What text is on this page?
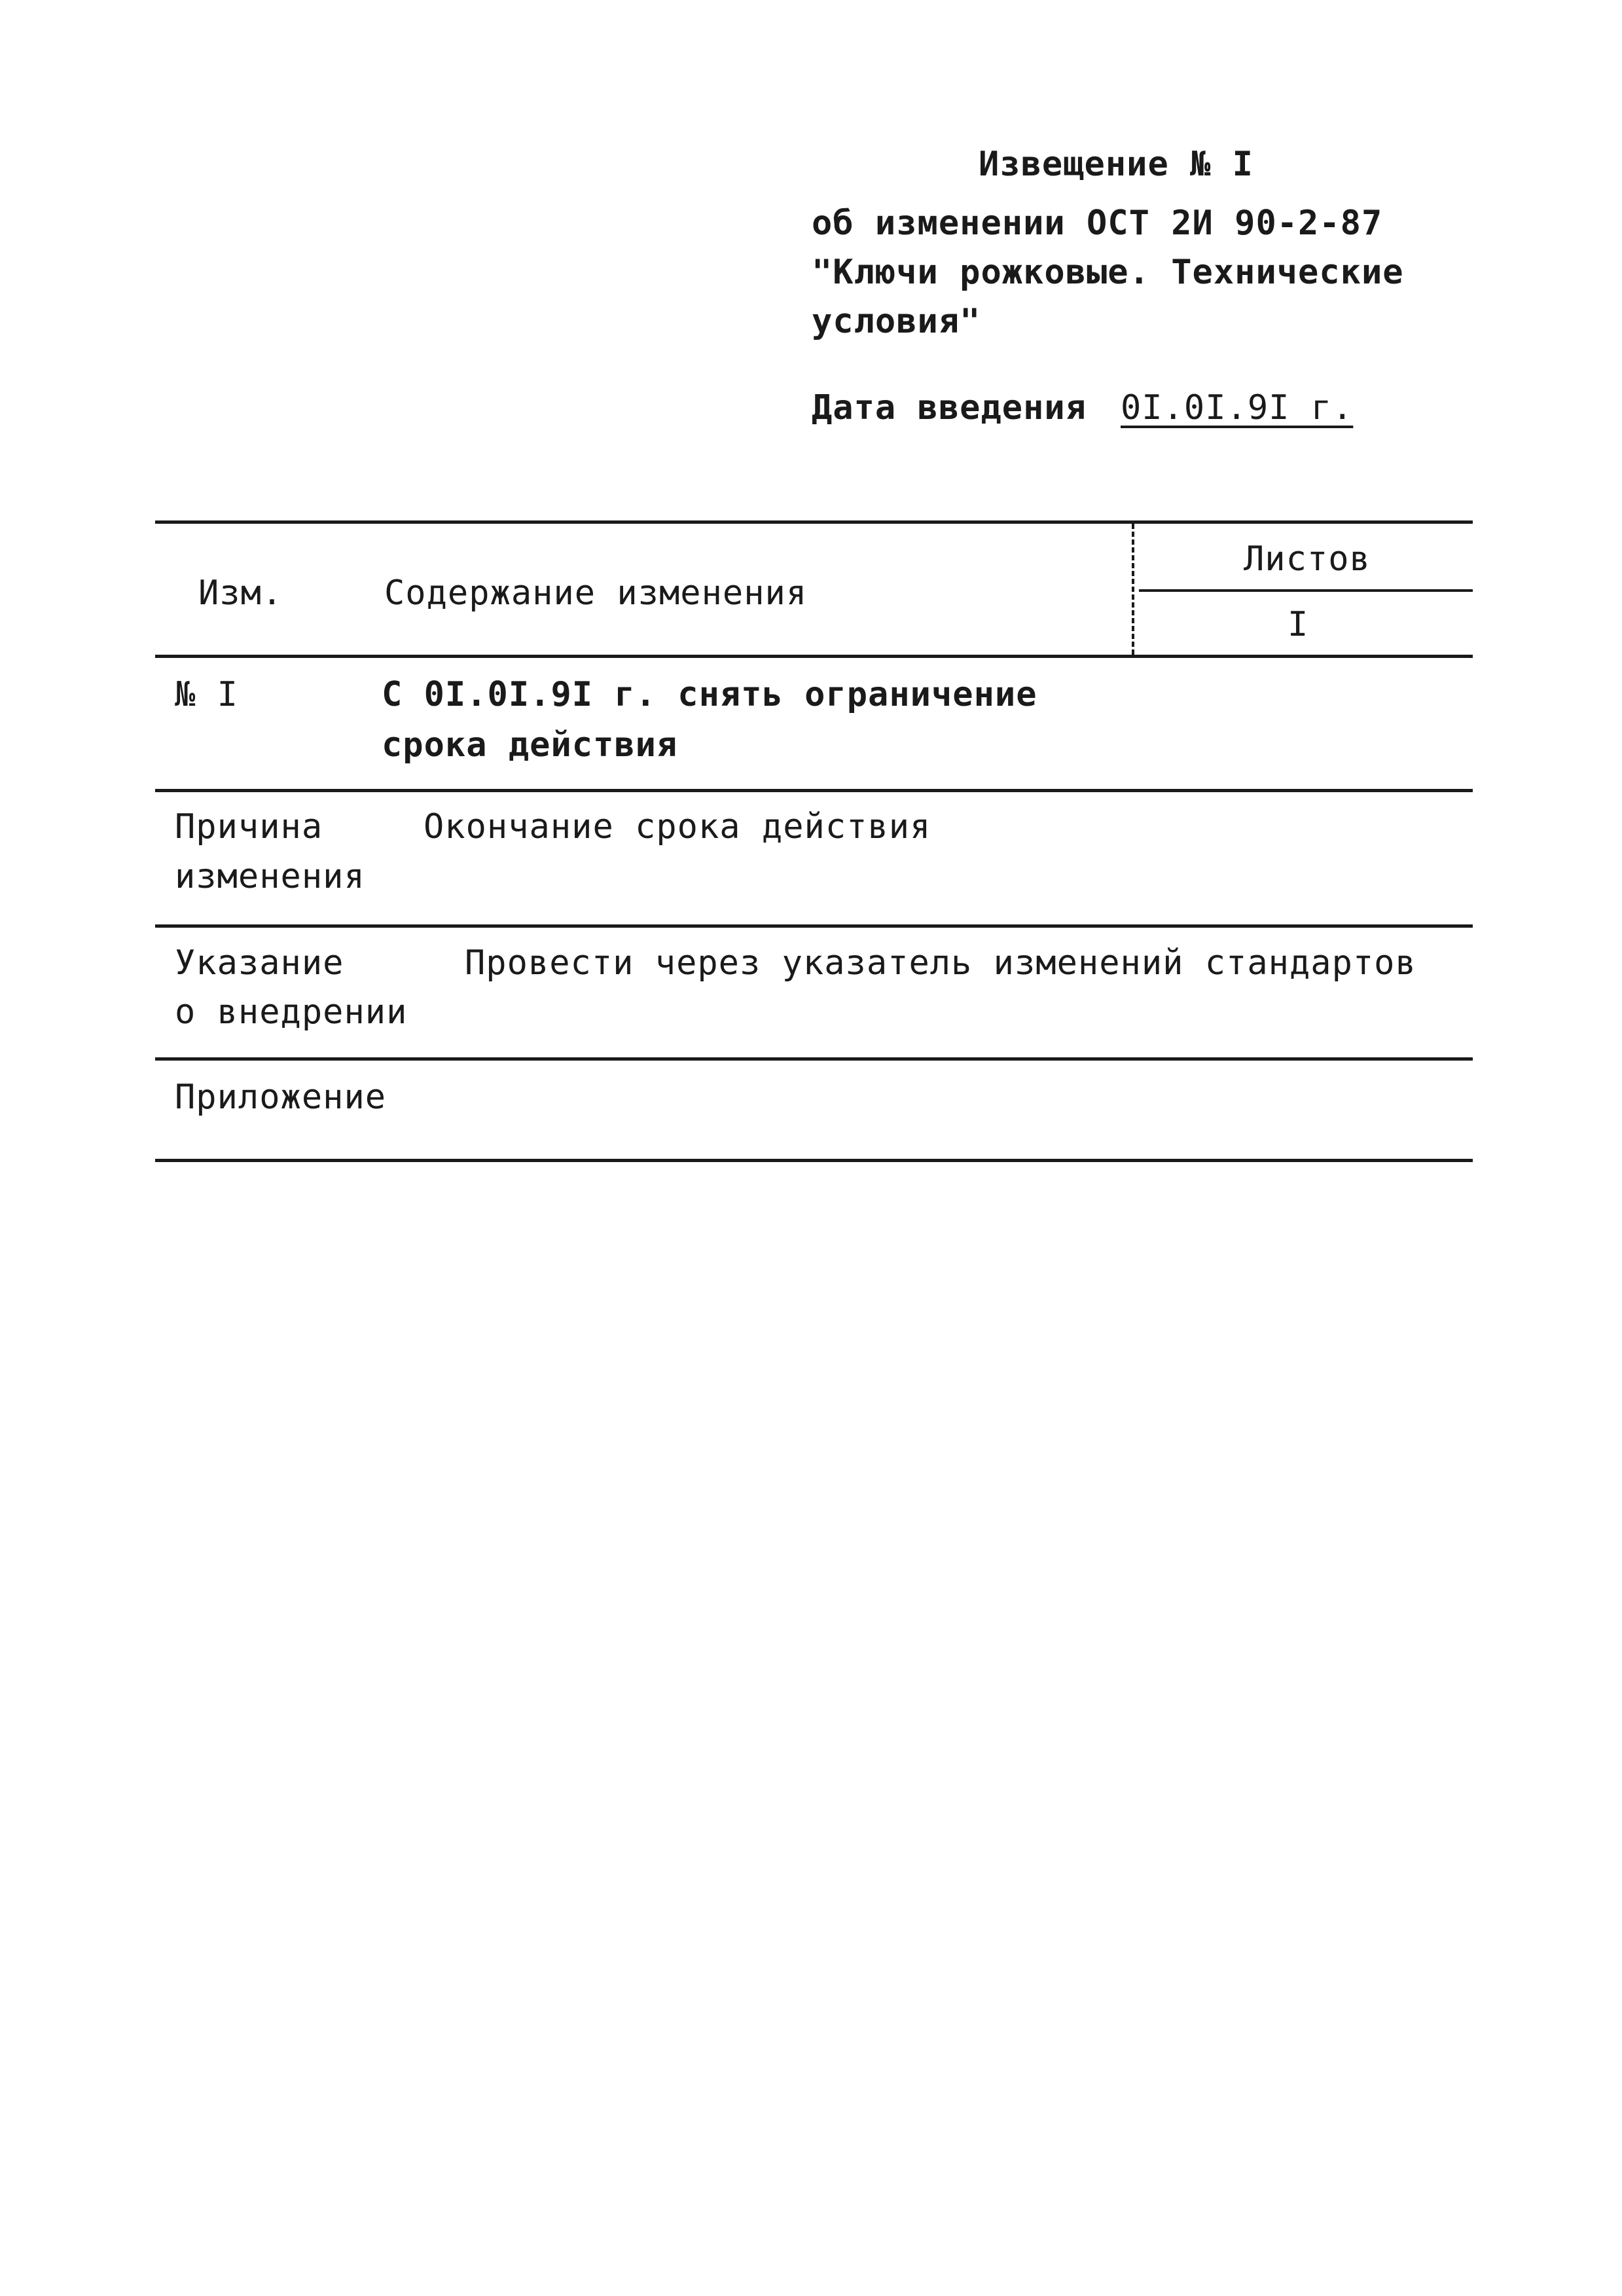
Извещение № I
об изменении ОСТ 2И 90-2-87
"Ключи рожковые. Технические
условия"
Дата введения 0I.0I.9I г.
Изм.	Содержание изменения
Листов
I
№ I	С 0I.0I.9I г. снять ограничение
срока действия
Причина
изменения
Окончание срока действия
Указание
о внедрении
Провести через указатель изменений стандартов
Приложение
